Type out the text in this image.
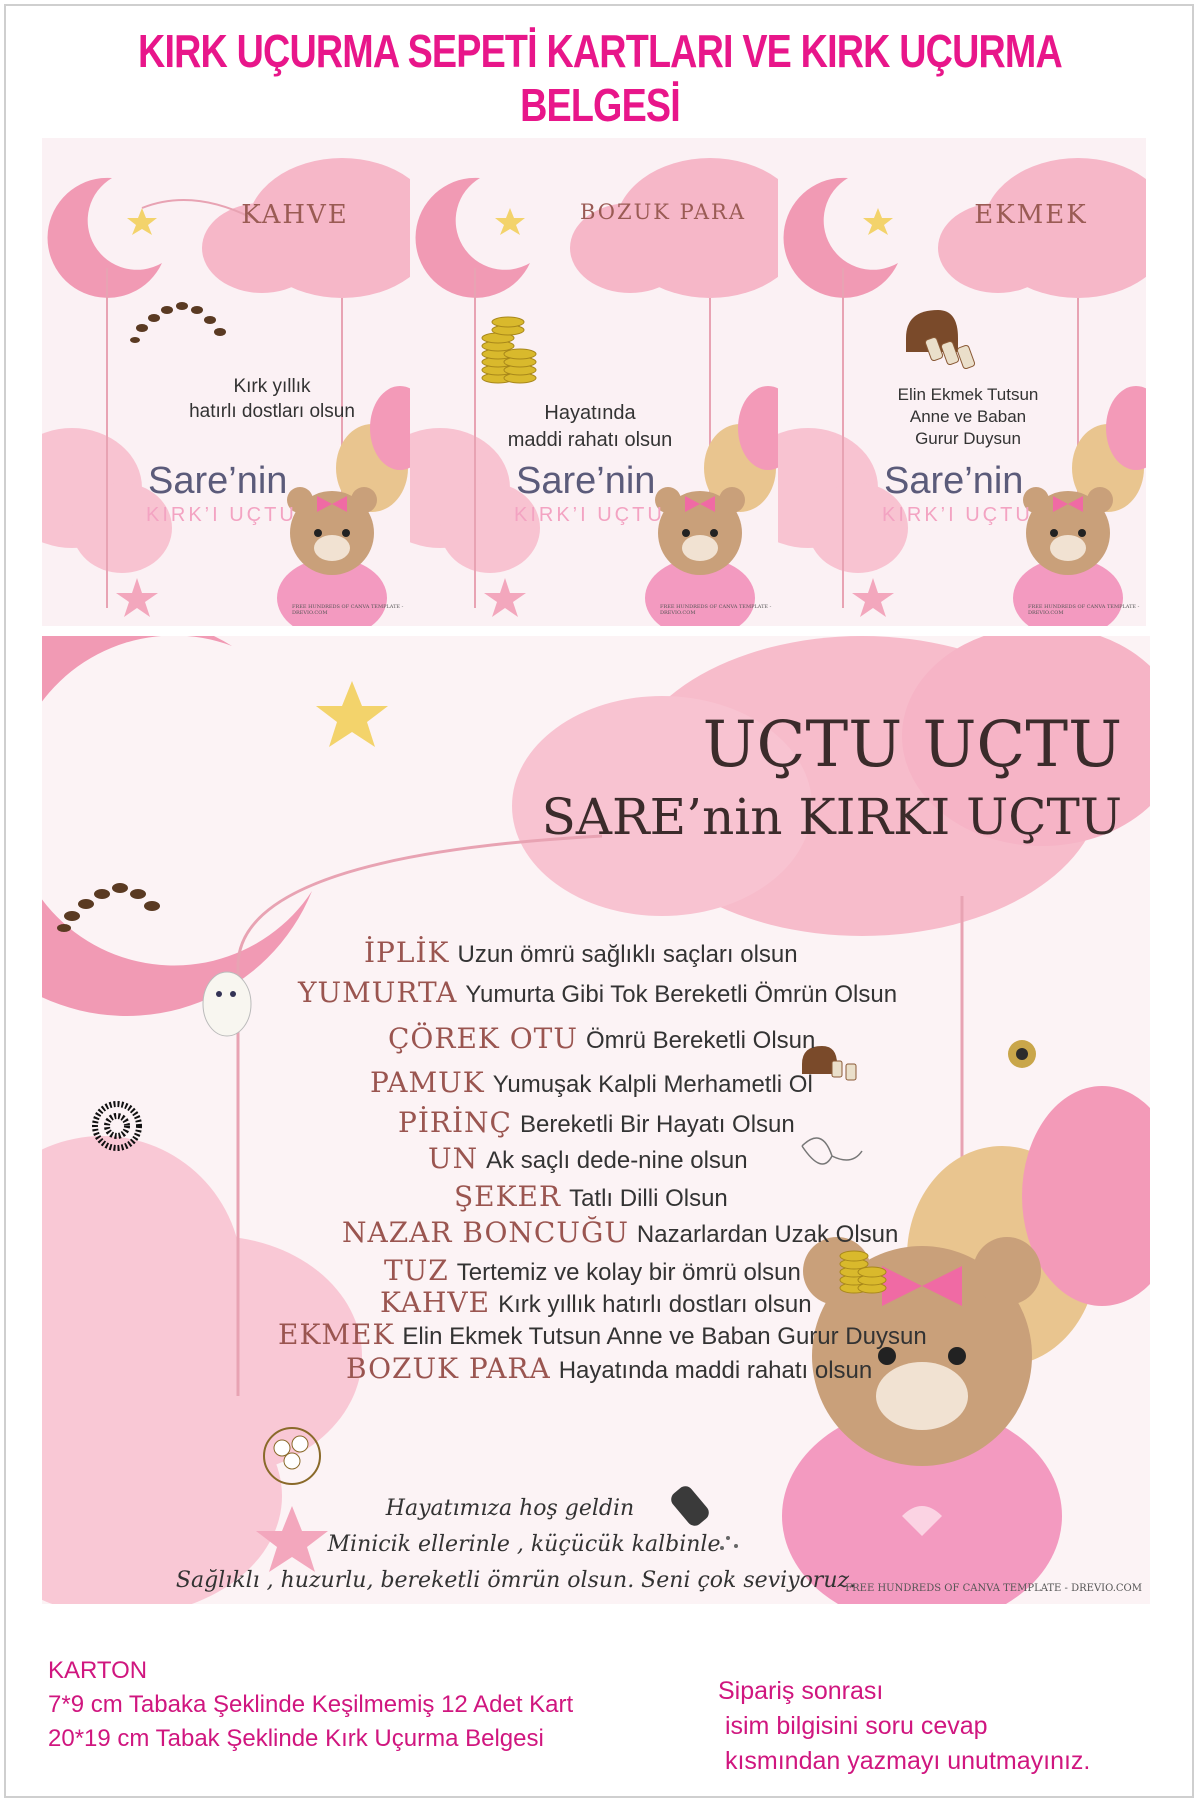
KIRK UÇURMA SEPETİ KARTLARI VE KIRK UÇURMA BELGESİ
KAHVE
Kırk yıllık
hatırlı dostları olsun
Sare’nin
KIRK’I UÇTU
FREE HUNDREDS OF CANVA TEMPLATE - DREVIO.COM
BOZUK PARA
Hayatında
maddi rahatı olsun
Sare’nin
KIRK’I UÇTU
FREE HUNDREDS OF CANVA TEMPLATE - DREVIO.COM
EKMEK
Elin Ekmek Tutsun
Anne ve Baban
Gurur Duysun
Sare’nin
KIRK’I UÇTU
FREE HUNDREDS OF CANVA TEMPLATE - DREVIO.COM
UÇTU UÇTU
SARE’nin KIRKI UÇTU
İPLİK Uzun ömrü sağlıklı saçları olsun
YUMURTA Yumurta Gibi Tok Bereketli Ömrün Olsun
ÇÖREK OTU Ömrü Bereketli Olsun
PAMUK Yumuşak Kalpli Merhametli Ol
PİRİNÇ Bereketli Bir Hayatı Olsun
UN Ak saçlı dede-nine olsun
ŞEKER Tatlı Dilli Olsun
NAZAR BONCUĞU Nazarlardan Uzak Olsun
TUZ Tertemiz ve kolay bir ömrü olsun
KAHVE Kırk yıllık hatırlı dostları olsun
EKMEK Elin Ekmek Tutsun Anne ve Baban Gurur Duysun
BOZUK PARA Hayatında maddi rahatı olsun
Hayatımıza hoş geldin
Minicik ellerinle , küçücük kalbinle
Sağlıklı , huzurlu, bereketli ömrün olsun. Seni çok seviyoruz.
FREE HUNDREDS OF CANVA TEMPLATE - DREVIO.COM
KARTON
7*9 cm Tabaka Şeklinde Keşilmemiş 12 Adet Kart
20*19 cm Tabak Şeklinde Kırk Uçurma Belgesi
Sipariş sonrası
isim bilgisini soru cevap
kısmından yazmayı unutmayınız.
